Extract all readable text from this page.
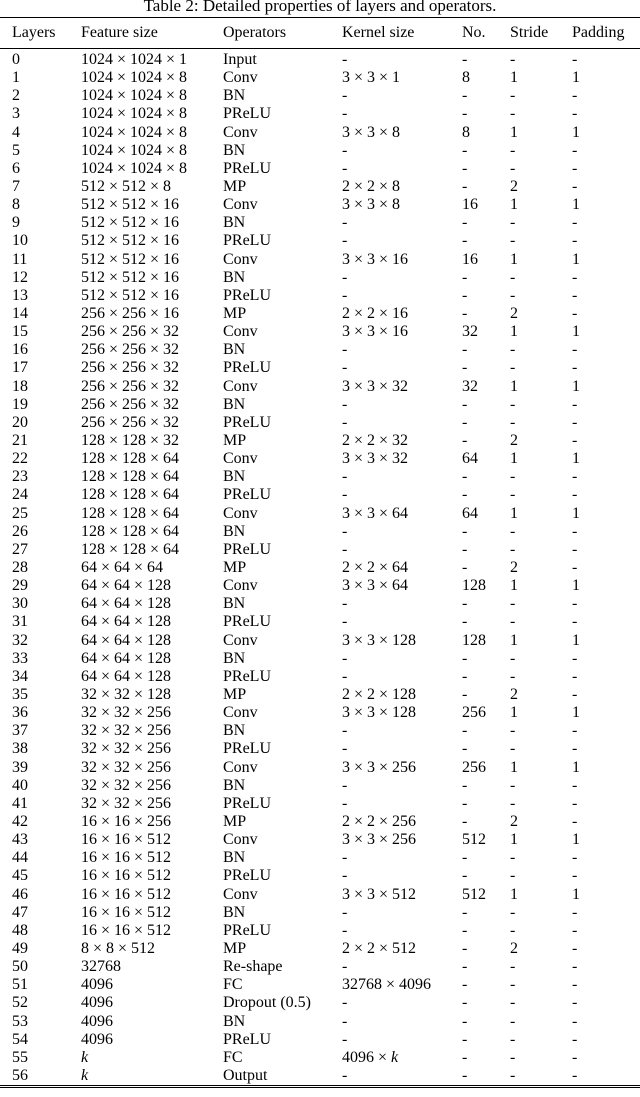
Table 2: Detailed properties of layers and operators.
Layers	Feature size	Operators	Kernel size	No.	Stride	Padding
0	1024 × 1024 × 1	Input	-	-	-	-
1	1024 × 1024 × 8	Conv	3 × 3 × 1	8	1	1
2	1024 × 1024 × 8	BN	-	-	-	-
3	1024 × 1024 × 8	PReLU	-	-	-	-
4	1024 × 1024 × 8	Conv	3 × 3 × 8	8	1	1
5	1024 × 1024 × 8	BN	-	-	-	-
6	1024 × 1024 × 8	PReLU	-	-	-	-
7	512 × 512 × 8	MP	2 × 2 × 8	-	2	-
8	512 × 512 × 16	Conv	3 × 3 × 8	16	1	1
9	512 × 512 × 16	BN	-	-	-	-
10	512 × 512 × 16	PReLU	-	-	-	-
11	512 × 512 × 16	Conv	3 × 3 × 16	16	1	1
12	512 × 512 × 16	BN	-	-	-	-
13	512 × 512 × 16	PReLU	-	-	-	-
14	256 × 256 × 16	MP	2 × 2 × 16	-	2	-
15	256 × 256 × 32	Conv	3 × 3 × 16	32	1	1
16	256 × 256 × 32	BN	-	-	-	-
17	256 × 256 × 32	PReLU	-	-	-	-
18	256 × 256 × 32	Conv	3 × 3 × 32	32	1	1
19	256 × 256 × 32	BN	-	-	-	-
20	256 × 256 × 32	PReLU	-	-	-	-
21	128 × 128 × 32	MP	2 × 2 × 32	-	2	-
22	128 × 128 × 64	Conv	3 × 3 × 32	64	1	1
23	128 × 128 × 64	BN	-	-	-	-
24	128 × 128 × 64	PReLU	-	-	-	-
25	128 × 128 × 64	Conv	3 × 3 × 64	64	1	1
26	128 × 128 × 64	BN	-	-	-	-
27	128 × 128 × 64	PReLU	-	-	-	-
28	64 × 64 × 64	MP	2 × 2 × 64	-	2	-
29	64 × 64 × 128	Conv	3 × 3 × 64	128	1	1
30	64 × 64 × 128	BN	-	-	-	-
31	64 × 64 × 128	PReLU	-	-	-	-
32	64 × 64 × 128	Conv	3 × 3 × 128	128	1	1
33	64 × 64 × 128	BN	-	-	-	-
34	64 × 64 × 128	PReLU	-	-	-	-
35	32 × 32 × 128	MP	2 × 2 × 128	-	2	-
36	32 × 32 × 256	Conv	3 × 3 × 128	256	1	1
37	32 × 32 × 256	BN	-	-	-	-
38	32 × 32 × 256	PReLU	-	-	-	-
39	32 × 32 × 256	Conv	3 × 3 × 256	256	1	1
40	32 × 32 × 256	BN	-	-	-	-
41	32 × 32 × 256	PReLU	-	-	-	-
42	16 × 16 × 256	MP	2 × 2 × 256	-	2	-
43	16 × 16 × 512	Conv	3 × 3 × 256	512	1	1
44	16 × 16 × 512	BN	-	-	-	-
45	16 × 16 × 512	PReLU	-	-	-	-
46	16 × 16 × 512	Conv	3 × 3 × 512	512	1	1
47	16 × 16 × 512	BN	-	-	-	-
48	16 × 16 × 512	PReLU	-	-	-	-
49	8 × 8 × 512	MP	2 × 2 × 512	-	2	-
50	32768	Re-shape	-	-	-	-
51	4096	FC	32768 × 4096	-	-	-
52	4096	Dropout (0.5)	-	-	-	-
53	4096	BN	-	-	-	-
54	4096	PReLU	-	-	-	-
55	k	FC	4096 × k	-	-	-
56	k	Output	-	-	-	-
